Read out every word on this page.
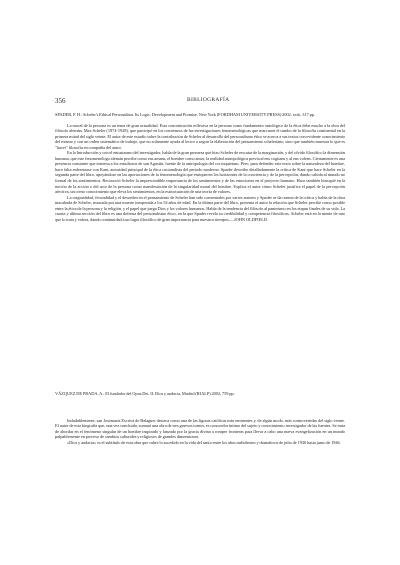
356	BIBLIOGRAFÍA

SPADER, P. H.: Scheler's Ethical Personalism. Its Logic, Development and Promise, New York (FORDHAM UNIVERSITY PRESS) 2002, xviii, 317 pp.

La moral de la persona es un tema de gran actualidad. Esta concentración reflexiva en la persona como fundamento ontológico de la ética debe mucho a la obra del filósofo alemán, Max Scheler (1874-1928), que participó en los comienzos de las investigaciones fenomenológicas que marcaron el rumbo de la filosofía continental en la primera mitad del siglo veinte. El autor de este estudio sobre la contribución de Scheler al desarrollo del personalismo ético se acerca a sus textos con evidente conocimiento del mismo y con un orden sistemático de trabajo, que no solamente ayuda al lector a seguir la elaboración del pensamiento scheleriano, sino que también muestra lo que es "hacer" filosofía en compañía del autor.

En la Introducción y con el entusiasmo del investigador, habla de la gran promesa que hizo Scheler de rescatar de la marginación, y del olvido filosófico la dimensión humana, que este fenomenólogo alemán percibe como ens amans, el hombre como amor, la realidad antropológica previa al ens cogitans y al ens volens. Ciertamente es una presencia constante que interesa a los estudiosos de san Agustín, fuente de la antropología del cor inquietum. Pero, para defender este texto sobre la naturaleza del hombre, hace falta enfrentarse con Kant, autoridad principal de la ética racionalista del periodo moderno. Spader describe detalladamente la crítica de Kant que hace Scheler en la segunda parte del libro, apoyándose en las aportaciones de la fenomenología que enriquecen los horizontes de la conciencia y de la percepción, dando cabida al mundo no formal de los sentimientos. Reconoció Scheler la imprescindible importancia de los sentimientos y de las emociones en el proyecto humano. Hace también hincapié en la noción de la acción o del acto de la persona como manifestación de la singularidad moral del hombre. Explica el autor cómo Scheler justifica el papel de la percepción afectiva, un cierto conocimiento que eleva los sentimientos, en la estructuración de una teoría de valores.

La originalidad, fecundidad y el desorden en el pensamiento de Scheler han sido comentados por varios autores y Spader se da cuenta de la crítica y habla de la obra inacabada de Scheler, truncada por una muerte inesperada a los 54 años de edad. En la última parte del libro, presenta el autor la relación que Scheler percibe como posible entre la ética de la persona y la religión, y el papel que juega Dios y los valores humanos. Habla de la tendencia del filósofo al panteísmo en los etapas finales de su vida. La cuarta y última sección del libro es una defensa del personalismo ético, en la que Spader revela su credibilidad y competencia filosóficas. Scheler está en la mente de uno que lo trata y valora, dando continuidad a un lugar filosófico de gran importancia para nuestros tiempos.—JOHN OLDFIELD.

VÁZQUEZ DE PRADA, A.: El fundador del Opus Dei. II. Dios y audacia, Madrid (RIALP) 2002, 759 pp.

Indudablemente, san Josemaría Escrivá de Balaguer destaca como una de las figuras católicas más eminentes y, de algún modo, más controvertidas del siglo veinte. El autor de esta biografía que, una vez concluida, sumará una obra de tres gruesos tomos, es conocedor íntimo del sujeto y conocimiento investigador de las fuentes. Se trata de abordar en el fenómeno singular de un hombre inspirado y lanzado por la gracia divina a romper fronteras para llevar a cabo una nueva evangelización en un mundo palpablemente en proceso de cambios culturales y religiosos de grandes dimensiones.

«Dios y audacia» es el subtítulo de esta obra que cubre lo sucedido en la vida del santo entre los años turbulentos y dramáticos de julio de 1936 hasta junio de 1946.
